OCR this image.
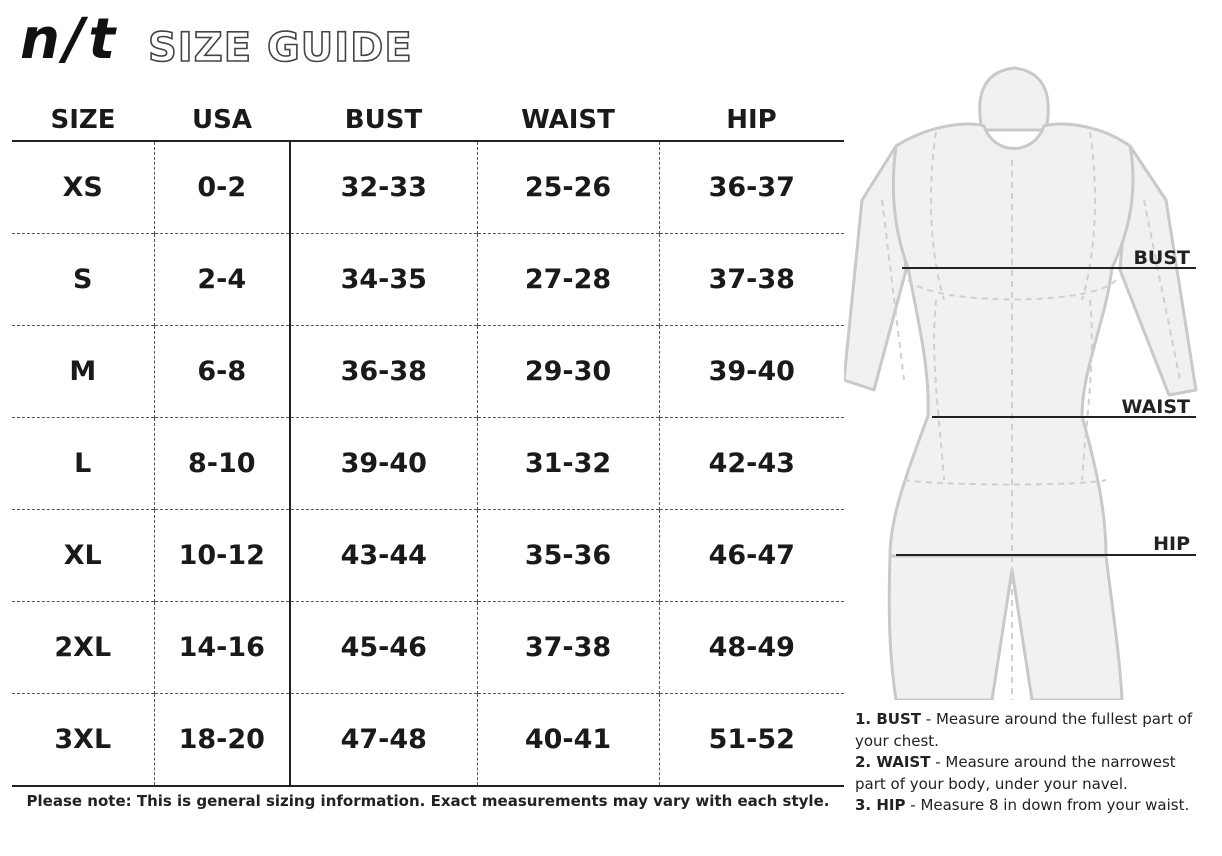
n/t SIZE GUIDE
SIZE	USA	BUST	WAIST	HIP
XS	0-2	32-33	25-26	36-37
S	2-4	34-35	27-28	37-38
M	6-8	36-38	29-30	39-40
L	8-10	39-40	31-32	42-43
XL	10-12	43-44	35-36	46-47
2XL	14-16	45-46	37-38	48-49
3XL	18-20	47-48	40-41	51-52
Please note: This is general sizing information. Exact measurements may vary with each style.
BUST
WAIST
HIP
1. BUST - Measure around the fullest part of your chest.
2. WAIST - Measure around the narrowest part of your body, under your navel.
3. HIP - Measure 8 in down from your waist.
